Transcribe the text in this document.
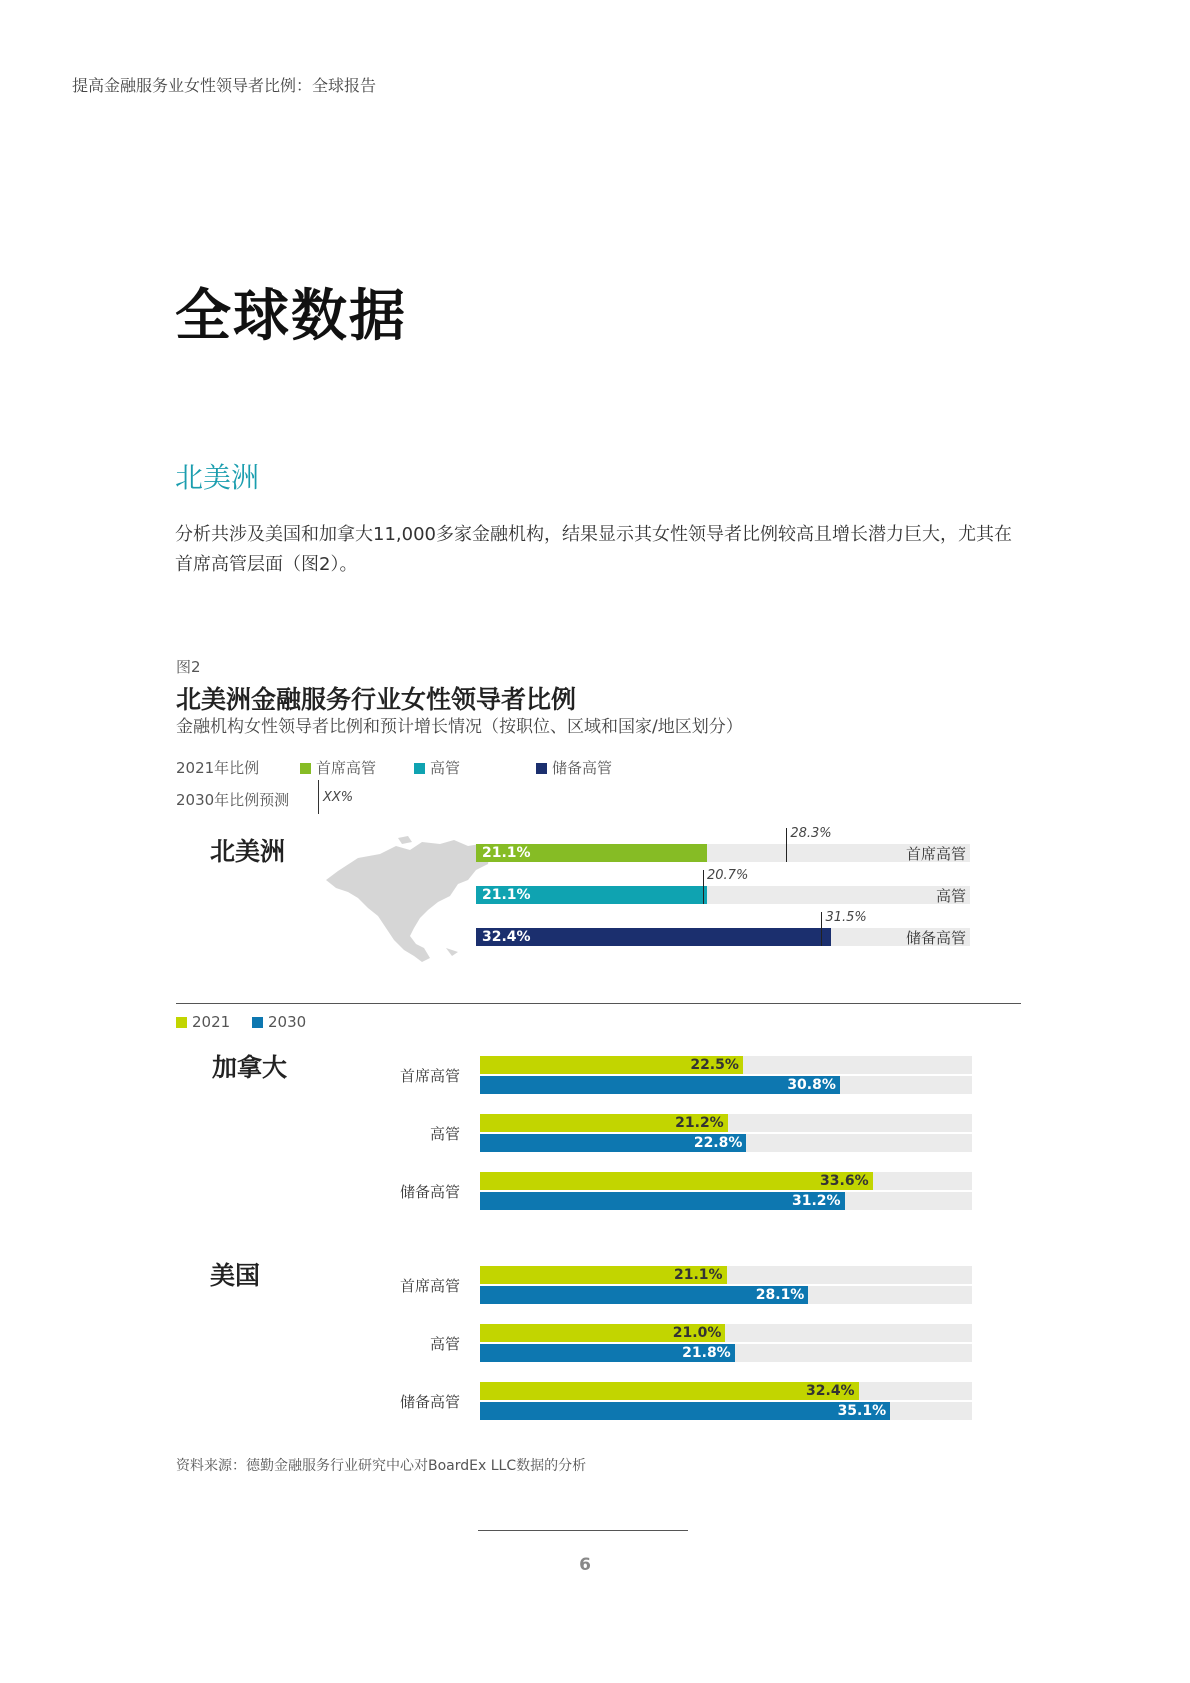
提高金融服务业女性领导者比例：全球报告
全球数据
北美洲
分析共涉及美国和加拿大11,000多家金融机构，结果显示其女性领导者比例较高且增长潜力巨大，尤其在首席高管层面（图2）。
图2
北美洲金融服务行业女性领导者比例
金融机构女性领导者比例和预计增长情况（按职位、区域和国家/地区划分）
2021年比例	首席高管	高管	储备高管
2030年比例预测	XX%
北美洲	21.1%	首席高管
28.3%
21.1%	高管
20.7%
32.4%	储备高管
31.5%
2021	2030
加拿大	首席高管
22.5%
30.8%
高管
21.2%
22.8%
储备高管
33.6%
31.2%
美国	首席高管
21.1%
28.1%
高管
21.0%
21.8%
储备高管
32.4%
35.1%
资料来源：德勤金融服务行业研究中心对BoardEx LLC数据的分析
6
